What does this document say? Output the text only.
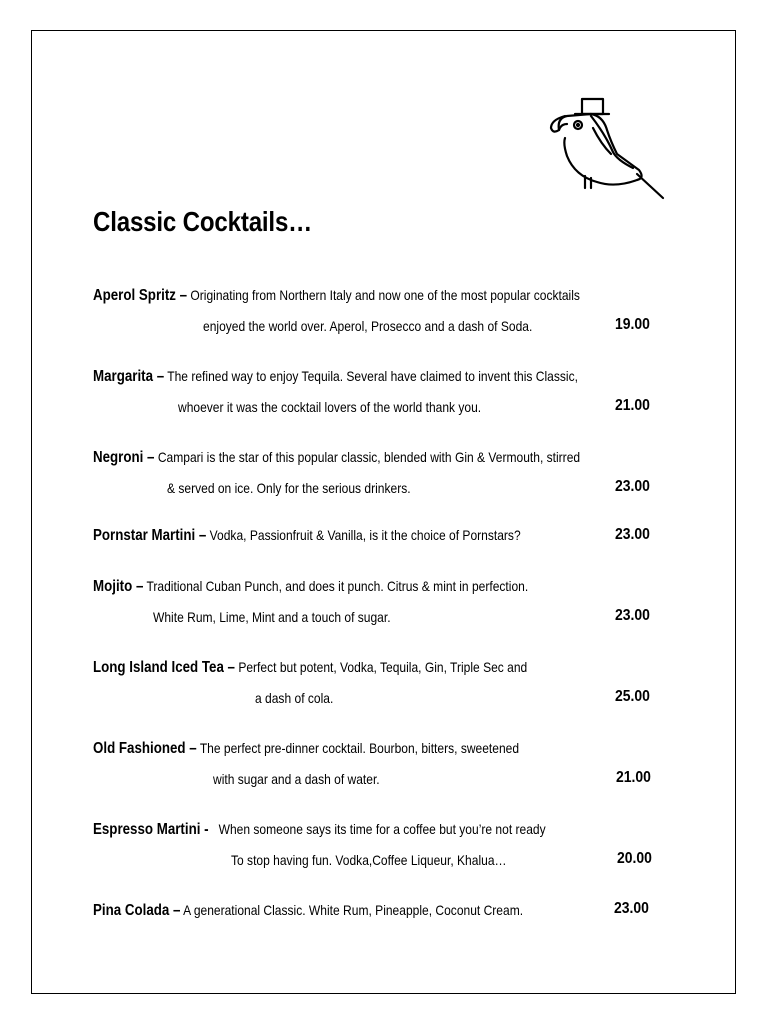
Classic Cocktails…
Aperol Spritz – Originating from Northern Italy and now one of the most popular cocktails
enjoyed the world over. Aperol, Prosecco and a dash of Soda.	19.00
Margarita – The refined way to enjoy Tequila. Several have claimed to invent this Classic,
whoever it was the cocktail lovers of the world thank you.	21.00
Negroni – Campari is the star of this popular classic, blended with Gin & Vermouth, stirred
& served on ice. Only for the serious drinkers.	23.00
Pornstar Martini – Vodka, Passionfruit & Vanilla, is it the choice of Pornstars?	23.00
Mojito – Traditional Cuban Punch, and does it punch. Citrus & mint in perfection.
White Rum, Lime, Mint and a touch of sugar.	23.00
Long Island Iced Tea – Perfect but potent, Vodka, Tequila, Gin, Triple Sec and
a dash of cola.	25.00
Old Fashioned – The perfect pre-dinner cocktail. Bourbon, bitters, sweetened
with sugar and a dash of water.	21.00
Espresso Martini -   When someone says its time for a coffee but you’re not ready
To stop having fun. Vodka,Coffee Liqueur, Khalua…	20.00
Pina Colada – A generational Classic. White Rum, Pineapple, Coconut Cream.	23.00
